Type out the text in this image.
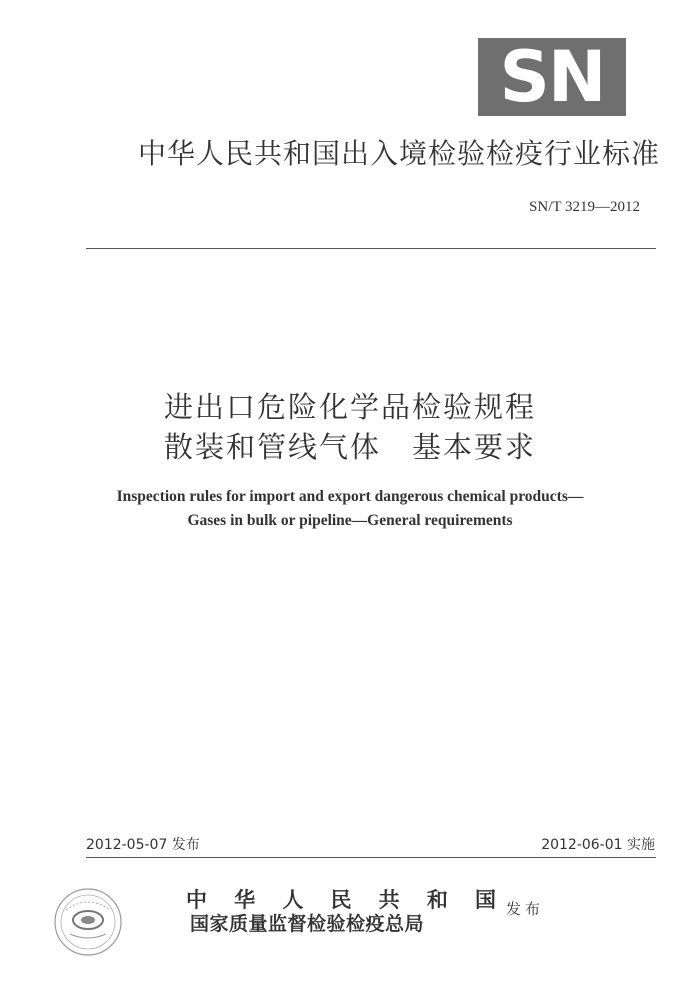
SN
中华人民共和国出入境检验检疫行业标准
SN/T 3219—2012
进出口危险化学品检验规程
散装和管线气体　基本要求
Inspection rules for import and export dangerous chemical products—
Gases in bulk or pipeline—General requirements
2012-05-07 发布	2012-06-01 实施
中华人民共和国
国家质量监督检验检疫总局
发布
